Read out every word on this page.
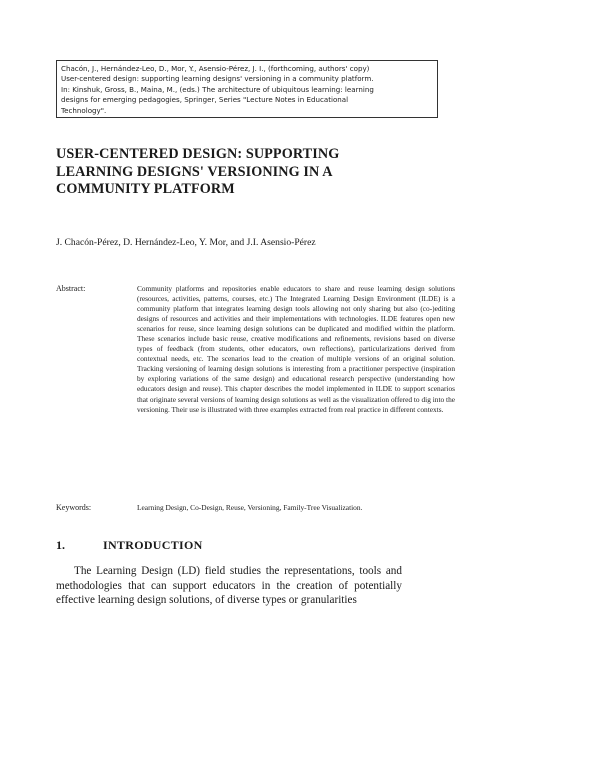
Chacón, J., Hernández-Leo, D., Mor, Y., Asensio-Pérez, J. I., (forthcoming, authors' copy)
User-centered design: supporting learning designs' versioning in a community platform.
In: Kinshuk, Gross, B., Maina, M., (eds.) The architecture of ubiquitous learning: learning
designs for emerging pedagogies, Springer, Series "Lecture Notes in Educational
Technology".
USER-CENTERED DESIGN: SUPPORTING
LEARNING DESIGNS' VERSIONING IN A
COMMUNITY PLATFORM
J. Chacón-Pérez, D. Hernández-Leo, Y. Mor, and J.I. Asensio-Pérez
Abstract:	Community platforms and repositories enable educators to share and reuse learning design solutions (resources, activities, patterns, courses, etc.) The Integrated Learning Design Environment (ILDE) is a community platform that integrates learning design tools allowing not only sharing but also (co-)editing designs of resources and activities and their implementations with technologies. ILDE features open new scenarios for reuse, since learning design solutions can be duplicated and modified within the platform. These scenarios include basic reuse, creative modifications and refinements, revisions based on diverse types of feedback (from students, other educators, own reflections), particularizations derived from contextual needs, etc. The scenarios lead to the creation of multiple versions of an original solution. Tracking versioning of learning design solutions is interesting from a practitioner perspective (inspiration by exploring variations of the same design) and educational research perspective (understanding how educators design and reuse). This chapter describes the model implemented in ILDE to support scenarios that originate several versions of learning design solutions as well as the visualization offered to dig into the versioning. Their use is illustrated with three examples extracted from real practice in different contexts.
Keywords:	Learning Design, Co-Design, Reuse, Versioning, Family-Tree Visualization.
1.	INTRODUCTION
The Learning Design (LD) field studies the representations, tools and methodologies that can support educators in the creation of potentially effective learning design solutions, of diverse types or granularities
